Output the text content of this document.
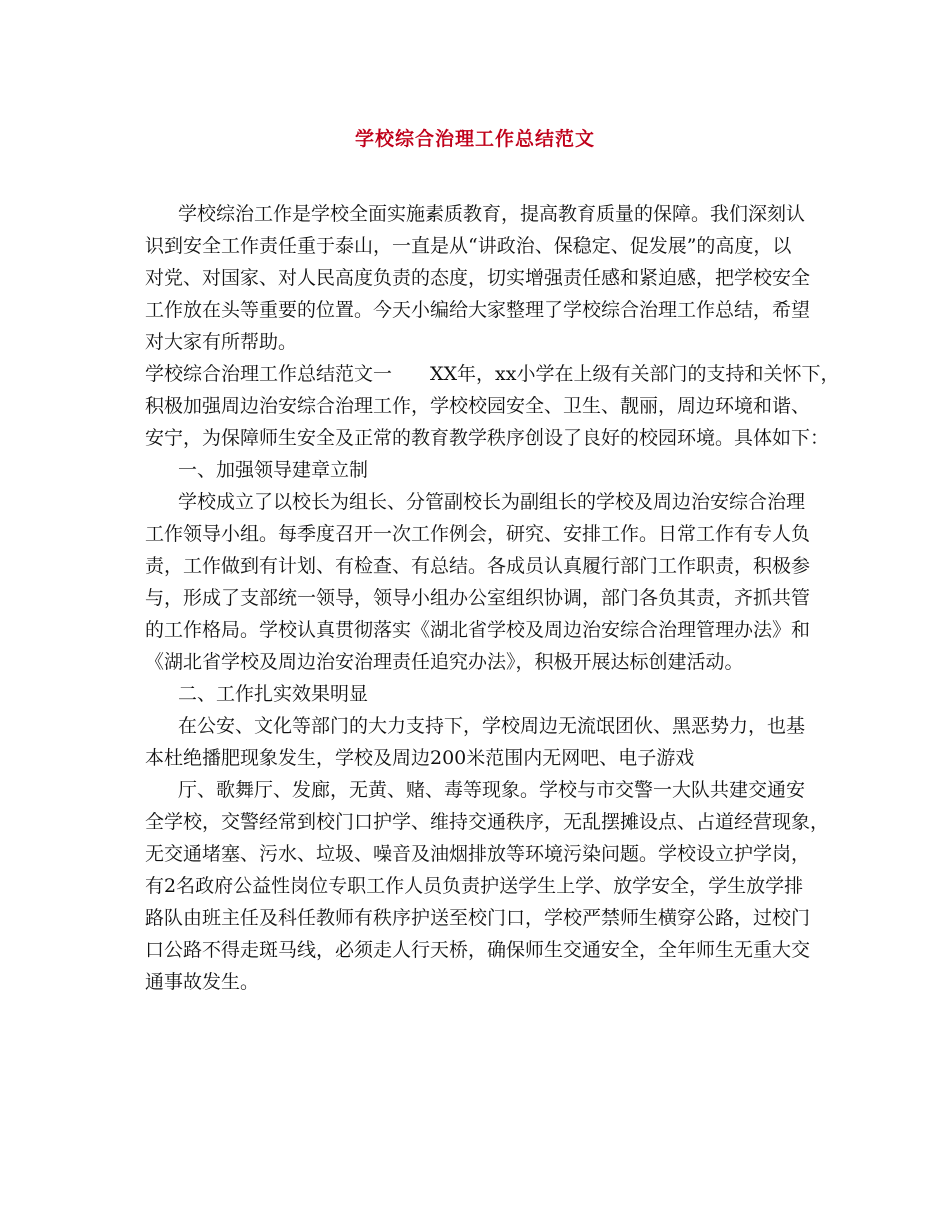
学校综合治理工作总结范文
学校综治工作是学校全面实施素质教育，提高教育质量的保障。我们深刻认
识到安全工作责任重于泰山，一直是从“讲政治、保稳定、促发展”的高度，以
对党、对国家、对人民高度负责的态度，切实增强责任感和紧迫感，把学校安全
工作放在头等重要的位置。今天小编给大家整理了学校综合治理工作总结，希望
对大家有所帮助。
学校综合治理工作总结范文一　　XX年，xx小学在上级有关部门的支持和关怀下，
积极加强周边治安综合治理工作，学校校园安全、卫生、靓丽，周边环境和谐、
安宁，为保障师生安全及正常的教育教学秩序创设了良好的校园环境。具体如下：
一、加强领导建章立制
学校成立了以校长为组长、分管副校长为副组长的学校及周边治安综合治理
工作领导小组。每季度召开一次工作例会，研究、安排工作。日常工作有专人负
责，工作做到有计划、有检查、有总结。各成员认真履行部门工作职责，积极参
与，形成了支部统一领导，领导小组办公室组织协调，部门各负其责，齐抓共管
的工作格局。学校认真贯彻落实《湖北省学校及周边治安综合治理管理办法》和
《湖北省学校及周边治安治理责任追究办法》，积极开展达标创建活动。
二、工作扎实效果明显
在公安、文化等部门的大力支持下，学校周边无流氓团伙、黑恶势力，也基
本杜绝播肥现象发生，学校及周边200米范围内无网吧、电子游戏
厅、歌舞厅、发廊，无黄、赌、毒等现象。学校与市交警一大队共建交通安
全学校，交警经常到校门口护学、维持交通秩序，无乱摆摊设点、占道经营现象，
无交通堵塞、污水、垃圾、噪音及油烟排放等环境污染问题。学校设立护学岗，
有2名政府公益性岗位专职工作人员负责护送学生上学、放学安全，学生放学排
路队由班主任及科任教师有秩序护送至校门口，学校严禁师生横穿公路，过校门
口公路不得走斑马线，必须走人行天桥，确保师生交通安全，全年师生无重大交
通事故发生。
